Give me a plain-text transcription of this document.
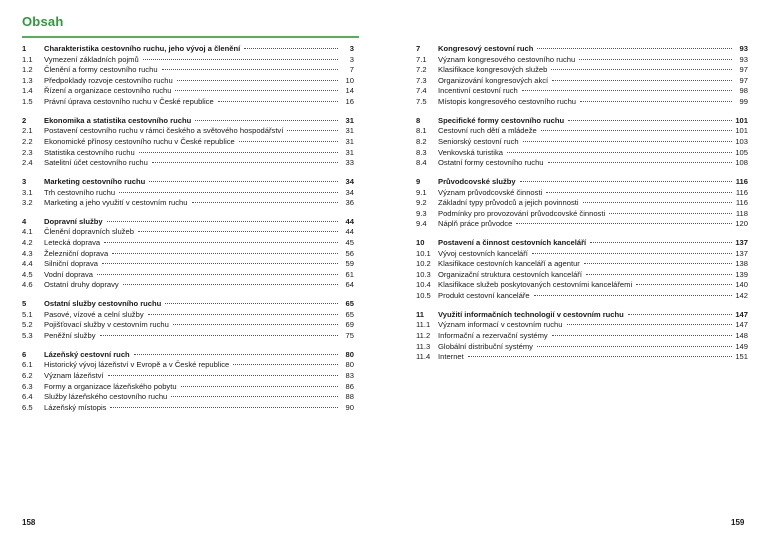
Obsah
1	Charakteristika cestovního ruchu, jeho vývoj a členění	3
1.1	Vymezení základních pojmů	3
1.2	Členění a formy cestovního ruchu	7
1.3	Předpoklady rozvoje cestovního ruchu	10
1.4	Řízení a organizace cestovního ruchu	14
1.5	Právní úprava cestovního ruchu v České republice	16
2	Ekonomika a statistika cestovního ruchu	31
2.1	Postavení cestovního ruchu v rámci českého a světového hospodářství	31
2.2	Ekonomické přínosy cestovního ruchu v České republice	31
2.3	Statistika cestovního ruchu	31
2.4	Satelitní účet cestovního ruchu	33
3	Marketing cestovního ruchu	34
3.1	Trh cestovního ruchu	34
3.2	Marketing a jeho využití v cestovním ruchu	36
4	Dopravní služby	44
4.1	Členění dopravních služeb	44
4.2	Letecká doprava	45
4.3	Železniční doprava	56
4.4	Silniční doprava	59
4.5	Vodní doprava	61
4.6	Ostatní druhy dopravy	64
5	Ostatní služby cestovního ruchu	65
5.1	Pasové, vízové a celní služby	65
5.2	Pojišťovací služby v cestovním ruchu	69
5.3	Peněžní služby	75
6	Lázeňský cestovní ruch	80
6.1	Historický vývoj lázeňství v Evropě a v České republice	80
6.2	Význam lázeňství	83
6.3	Formy a organizace lázeňského pobytu	86
6.4	Služby lázeňského cestovního ruchu	88
6.5	Lázeňský místopis	90
7	Kongresový cestovní ruch	93
7.1	Význam kongresového cestovního ruchu	93
7.2	Klasifikace kongresových služeb	97
7.3	Organizování kongresových akcí	97
7.4	Incentivní cestovní ruch	98
7.5	Místopis kongresového cestovního ruchu	99
8	Specifické formy cestovního ruchu	101
8.1	Cestovní ruch dětí a mládeže	101
8.2	Seniorský cestovní ruch	103
8.3	Venkovská turistika	105
8.4	Ostatní formy cestovního ruchu	108
9	Průvodcovské služby	116
9.1	Význam průvodcovské činnosti	116
9.2	Základní typy průvodců a jejich povinnosti	116
9.3	Podmínky pro provozování průvodcovské činnosti	118
9.4	Náplň práce průvodce	120
10	Postavení a činnost cestovních kanceláří	137
10.1 Vývoj cestovních kanceláří	137
10.2 Klasifikace cestovních kanceláří a agentur	138
10.3 Organizační struktura cestovních kanceláří	139
10.4 Klasifikace služeb poskytovaných cestovními kancelářemi	140
10.5 Produkt cestovní kanceláře	142
11	Využití informačních technologií v cestovním ruchu	147
11.1	Význam informací v cestovním ruchu	147
11.2	Informační a rezervační systémy	148
11.3	Globální distribuční systémy	149
11.4	Internet	151
158	159
